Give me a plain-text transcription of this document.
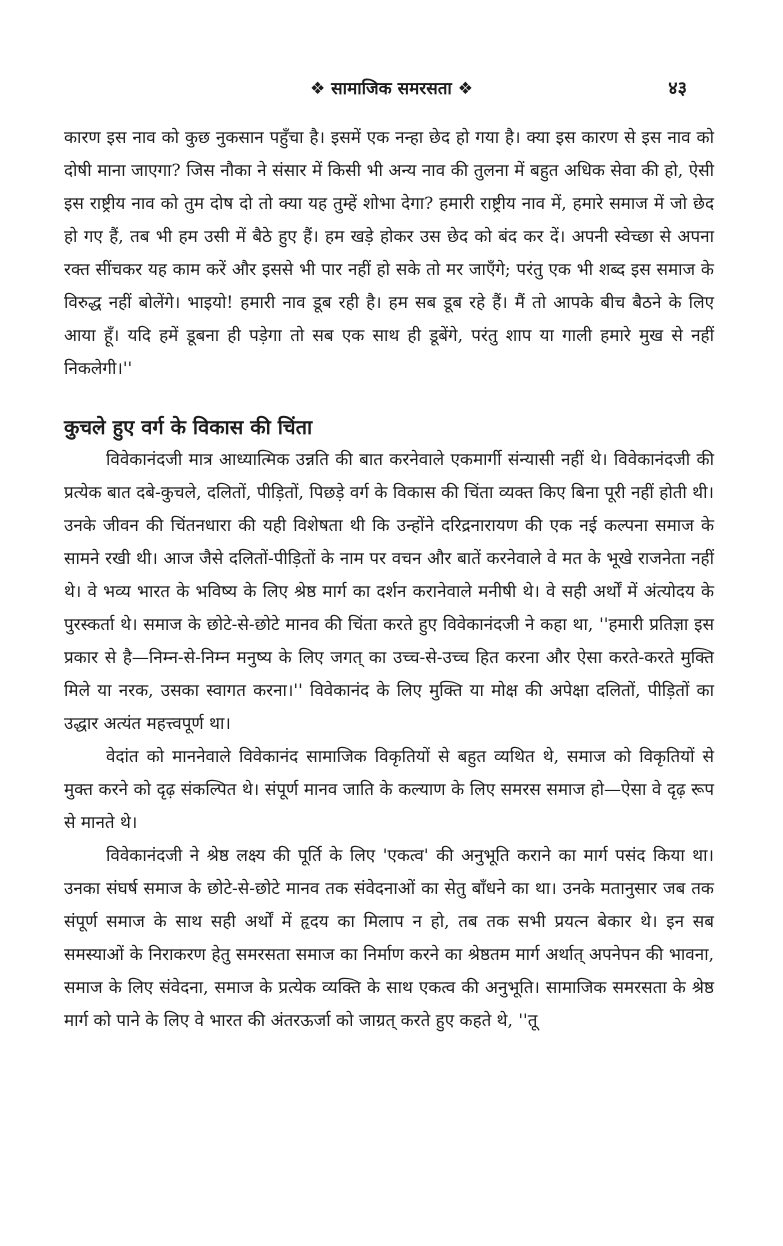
❖ सामाजिक समरसता ❖	४३

कारण इस नाव को कुछ नुकसान पहुँचा है। इसमें एक नन्हा छेद हो गया है। क्या इस कारण से इस नाव को दोषी माना जाएगा? जिस नौका ने संसार में किसी भी अन्य नाव की तुलना में बहुत अधिक सेवा की हो, ऐसी इस राष्ट्रीय नाव को तुम दोष दो तो क्या यह तुम्हें शोभा देगा? हमारी राष्ट्रीय नाव में, हमारे समाज में जो छेद हो गए हैं, तब भी हम उसी में बैठे हुए हैं। हम खड़े होकर उस छेद को बंद कर दें। अपनी स्वेच्छा से अपना रक्त सींचकर यह काम करें और इससे भी पार नहीं हो सके तो मर जाएँगे; परंतु एक भी शब्द इस समाज के विरुद्ध नहीं बोलेंगे। भाइयो! हमारी नाव डूब रही है। हम सब डूब रहे हैं। मैं तो आपके बीच बैठने के लिए आया हूँ। यदि हमें डूबना ही पड़ेगा तो सब एक साथ ही डूबेंगे, परंतु शाप या गाली हमारे मुख से नहीं निकलेगी।''

कुचले हुए वर्ग के विकास की चिंता

विवेकानंदजी मात्र आध्यात्मिक उन्नति की बात करनेवाले एकमार्गी संन्यासी नहीं थे। विवेकानंदजी की प्रत्येक बात दबे-कुचले, दलितों, पीड़ितों, पिछड़े वर्ग के विकास की चिंता व्यक्त किए बिना पूरी नहीं होती थी। उनके जीवन की चिंतनधारा की यही विशेषता थी कि उन्होंने दरिद्रनारायण की एक नई कल्पना समाज के सामने रखी थी। आज जैसे दलितों-पीड़ितों के नाम पर वचन और बातें करनेवाले वे मत के भूखे राजनेता नहीं थे। वे भव्य भारत के भविष्य के लिए श्रेष्ठ मार्ग का दर्शन करानेवाले मनीषी थे। वे सही अर्थों में अंत्योदय के पुरस्कर्ता थे। समाज के छोटे-से-छोटे मानव की चिंता करते हुए विवेकानंदजी ने कहा था, ''हमारी प्रतिज्ञा इस प्रकार से है—निम्न-से-निम्न मनुष्य के लिए जगत् का उच्च-से-उच्च हित करना और ऐसा करते-करते मुक्ति मिले या नरक, उसका स्वागत करना।'' विवेकानंद के लिए मुक्ति या मोक्ष की अपेक्षा दलितों, पीड़ितों का उद्धार अत्यंत महत्त्वपूर्ण था।

वेदांत को माननेवाले विवेकानंद सामाजिक विकृतियों से बहुत व्यथित थे, समाज को विकृतियों से मुक्त करने को दृढ़ संकल्पित थे। संपूर्ण मानव जाति के कल्याण के लिए समरस समाज हो—ऐसा वे दृढ़ रूप से मानते थे।

विवेकानंदजी ने श्रेष्ठ लक्ष्य की पूर्ति के लिए 'एकत्व' की अनुभूति कराने का मार्ग पसंद किया था। उनका संघर्ष समाज के छोटे-से-छोटे मानव तक संवेदनाओं का सेतु बाँधने का था। उनके मतानुसार जब तक संपूर्ण समाज के साथ सही अर्थों में हृदय का मिलाप न हो, तब तक सभी प्रयत्न बेकार थे। इन सब समस्याओं के निराकरण हेतु समरसता समाज का निर्माण करने का श्रेष्ठतम मार्ग अर्थात् अपनेपन की भावना, समाज के लिए संवेदना, समाज के प्रत्येक व्यक्ति के साथ एकत्व की अनुभूति। सामाजिक समरसता के श्रेष्ठ मार्ग को पाने के लिए वे भारत की अंतरऊर्जा को जाग्रत् करते हुए कहते थे, ''तू
